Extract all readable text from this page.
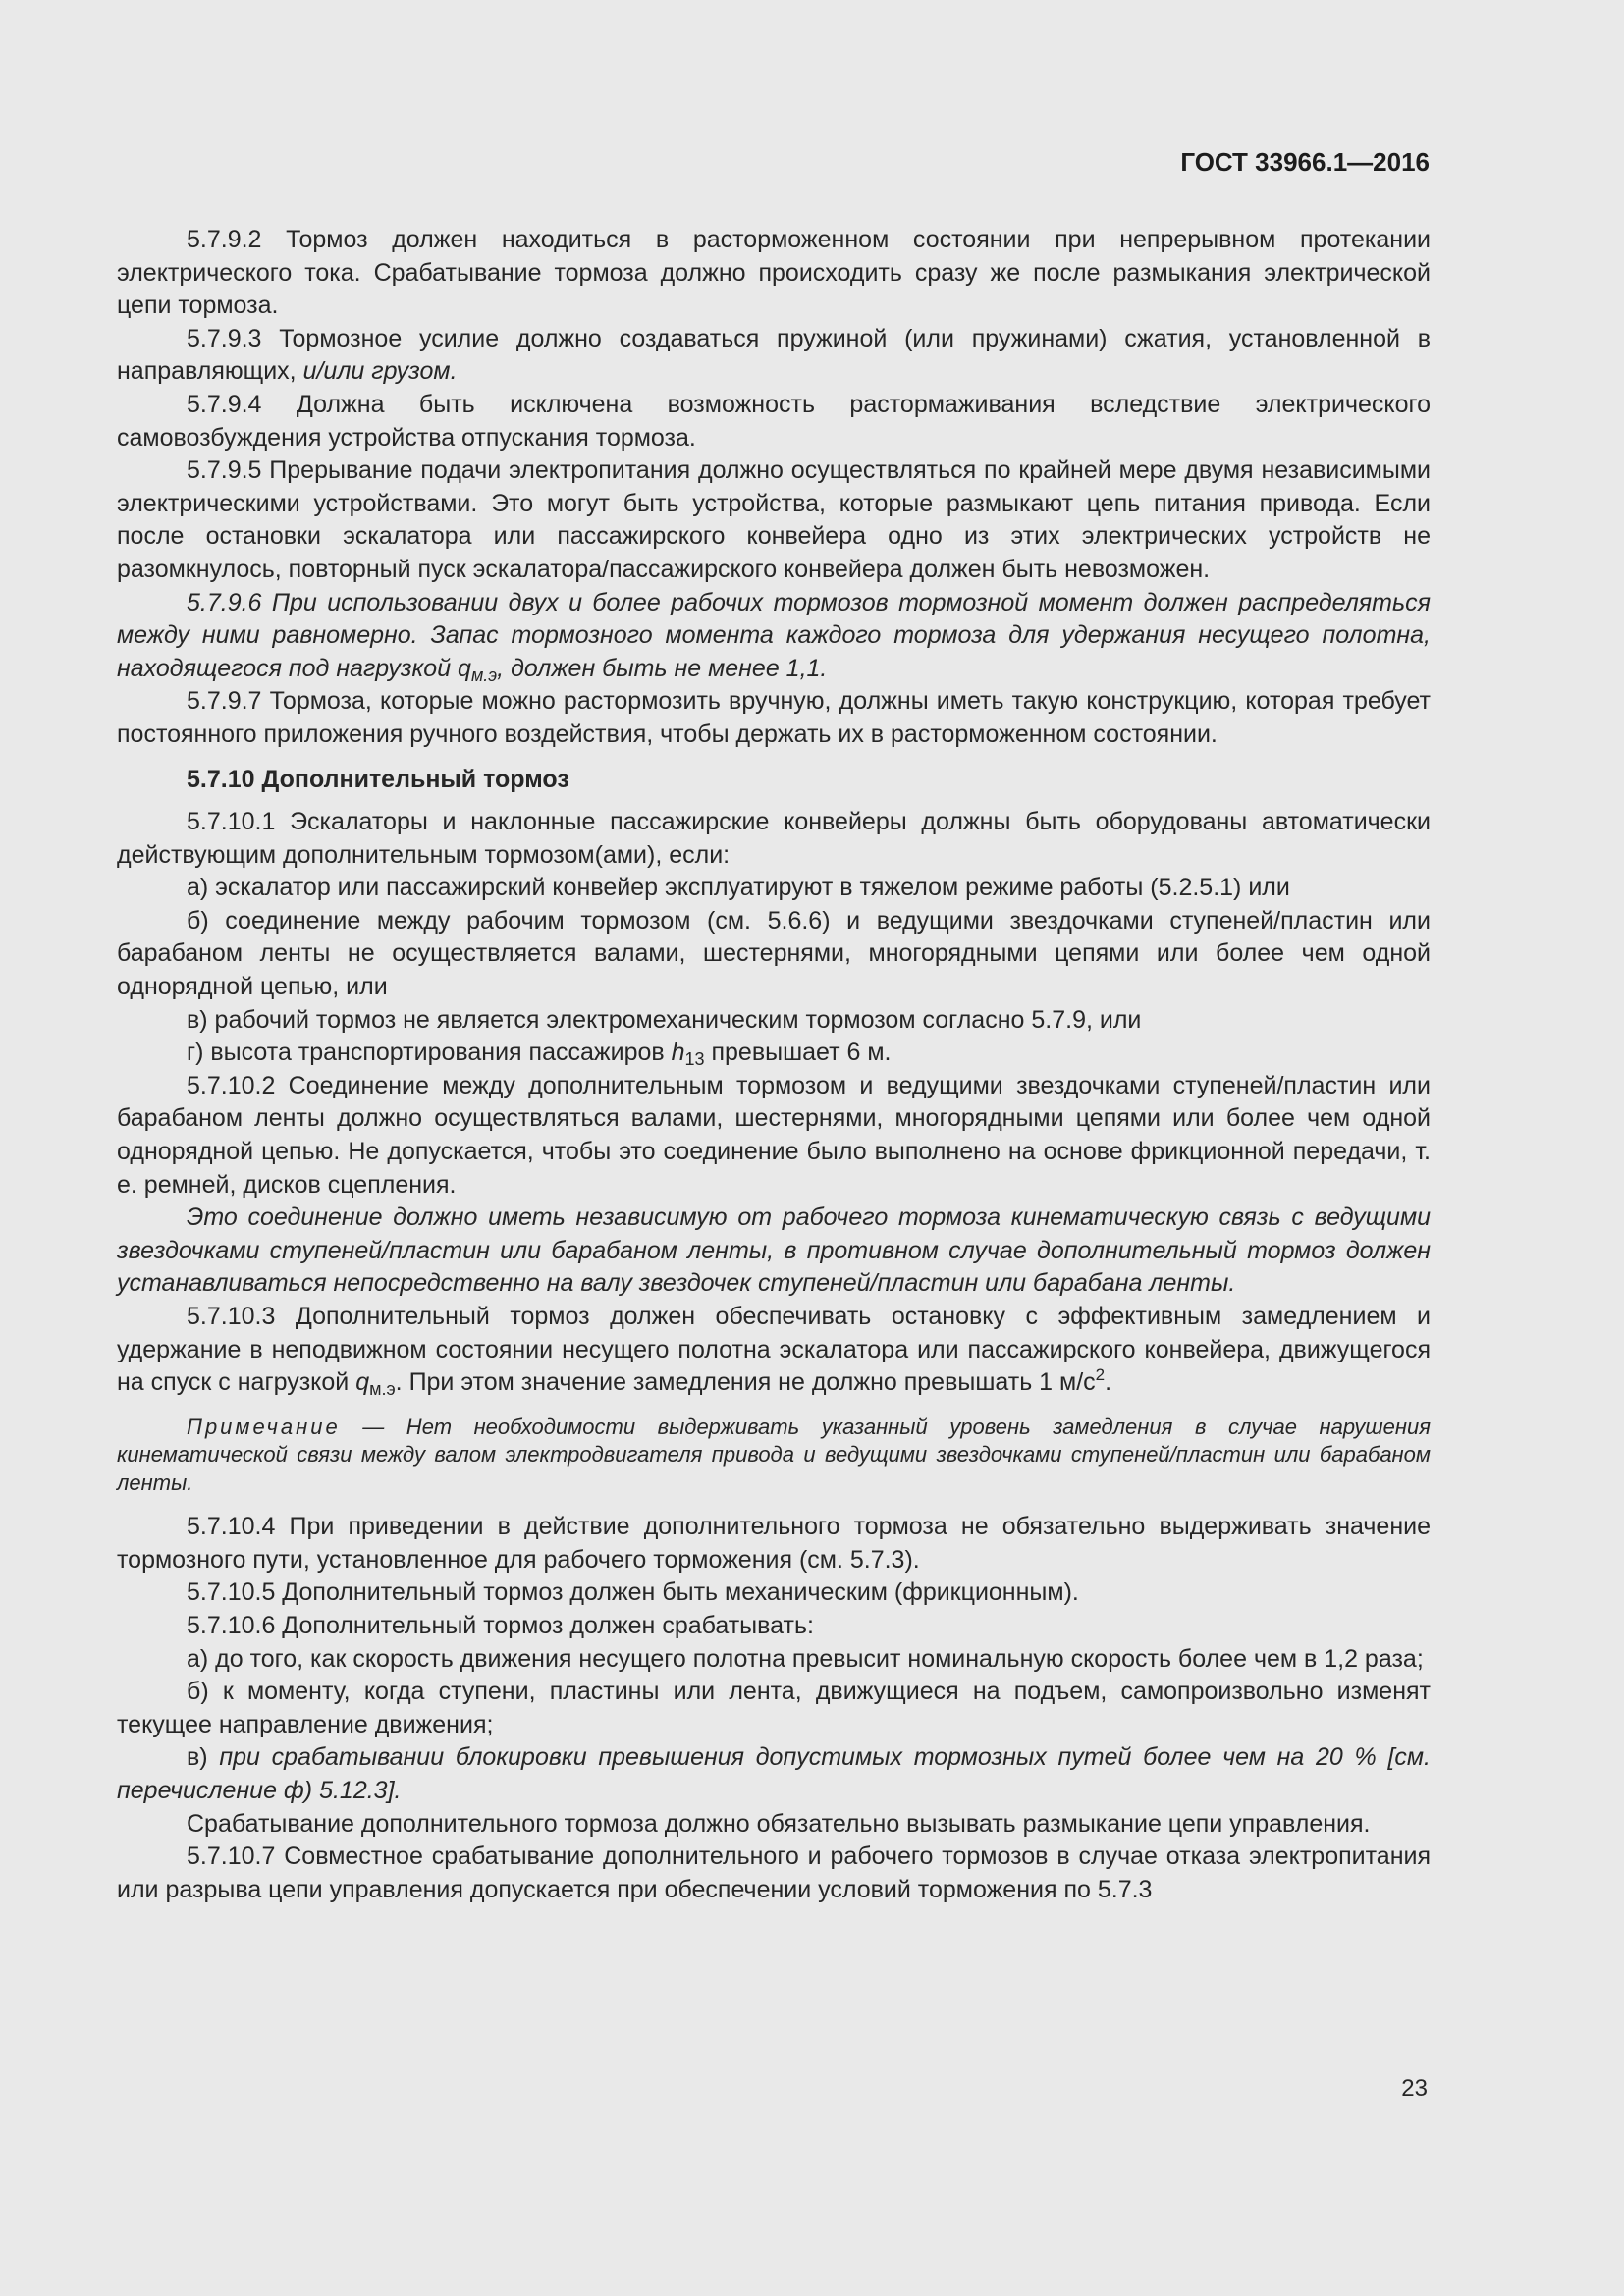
ГОСТ 33966.1—2016

5.7.9.2 Тормоз должен находиться в расторможенном состоянии при непрерывном протекании электрического тока. Срабатывание тормоза должно происходить сразу же после размыкания электрической цепи тормоза.

5.7.9.3 Тормозное усилие должно создаваться пружиной (или пружинами) сжатия, установленной в направляющих, и/или грузом.

5.7.9.4 Должна быть исключена возможность растормаживания вследствие электрического самовозбуждения устройства отпускания тормоза.

5.7.9.5 Прерывание подачи электропитания должно осуществляться по крайней мере двумя независимыми электрическими устройствами. Это могут быть устройства, которые размыкают цепь питания привода. Если после остановки эскалатора или пассажирского конвейера одно из этих электрических устройств не разомкнулось, повторный пуск эскалатора/пассажирского конвейера должен быть невозможен.

5.7.9.6 При использовании двух и более рабочих тормозов тормозной момент должен распределяться между ними равномерно. Запас тормозного момента каждого тормоза для удержания несущего полотна, находящегося под нагрузкой $q_{м.э}$, должен быть не менее 1,1.

5.7.9.7 Тормоза, которые можно растормозить вручную, должны иметь такую конструкцию, которая требует постоянного приложения ручного воздействия, чтобы держать их в расторможенном состоянии.

5.7.10 Дополнительный тормоз

5.7.10.1 Эскалаторы и наклонные пассажирские конвейеры должны быть оборудованы автоматически действующим дополнительным тормозом(ами), если:

а) эскалатор или пассажирский конвейер эксплуатируют в тяжелом режиме работы (5.2.5.1) или

б) соединение между рабочим тормозом (см. 5.6.6) и ведущими звездочками ступеней/пластин или барабаном ленты не осуществляется валами, шестернями, многорядными цепями или более чем одной однорядной цепью, или

в) рабочий тормоз не является электромеханическим тормозом согласно 5.7.9, или

г) высота транспортирования пассажиров $h_{13}$ превышает 6 м.

5.7.10.2 Соединение между дополнительным тормозом и ведущими звездочками ступеней/пластин или барабаном ленты должно осуществляться валами, шестернями, многорядными цепями или более чем одной однорядной цепью. Не допускается, чтобы это соединение было выполнено на основе фрикционной передачи, т. е. ремней, дисков сцепления.

Это соединение должно иметь независимую от рабочего тормоза кинематическую связь с ведущими звездочками ступеней/пластин или барабаном ленты, в противном случае дополнительный тормоз должен устанавливаться непосредственно на валу звездочек ступеней/пластин или барабана ленты.

5.7.10.3 Дополнительный тормоз должен обеспечивать остановку с эффективным замедлением и удержание в неподвижном состоянии несущего полотна эскалатора или пассажирского конвейера, движущегося на спуск с нагрузкой $q_{м.э}$. При этом значение замедления не должно превышать 1 $м/с^2$.

Примечание — Нет необходимости выдерживать указанный уровень замедления в случае нарушения кинематической связи между валом электродвигателя привода и ведущими звездочками ступеней/пластин или барабаном ленты.

5.7.10.4 При приведении в действие дополнительного тормоза не обязательно выдерживать значение тормозного пути, установленное для рабочего торможения (см. 5.7.3).

5.7.10.5 Дополнительный тормоз должен быть механическим (фрикционным).

5.7.10.6 Дополнительный тормоз должен срабатывать:

а) до того, как скорость движения несущего полотна превысит номинальную скорость более чем в 1,2 раза;

б) к моменту, когда ступени, пластины или лента, движущиеся на подъем, самопроизвольно изменят текущее направление движения;

в) при срабатывании блокировки превышения допустимых тормозных путей более чем на 20 % [см. перечисление ф) 5.12.3].

Срабатывание дополнительного тормоза должно обязательно вызывать размыкание цепи управления.

5.7.10.7 Совместное срабатывание дополнительного и рабочего тормозов в случае отказа электропитания или разрыва цепи управления допускается при обеспечении условий торможения по 5.7.3

23
